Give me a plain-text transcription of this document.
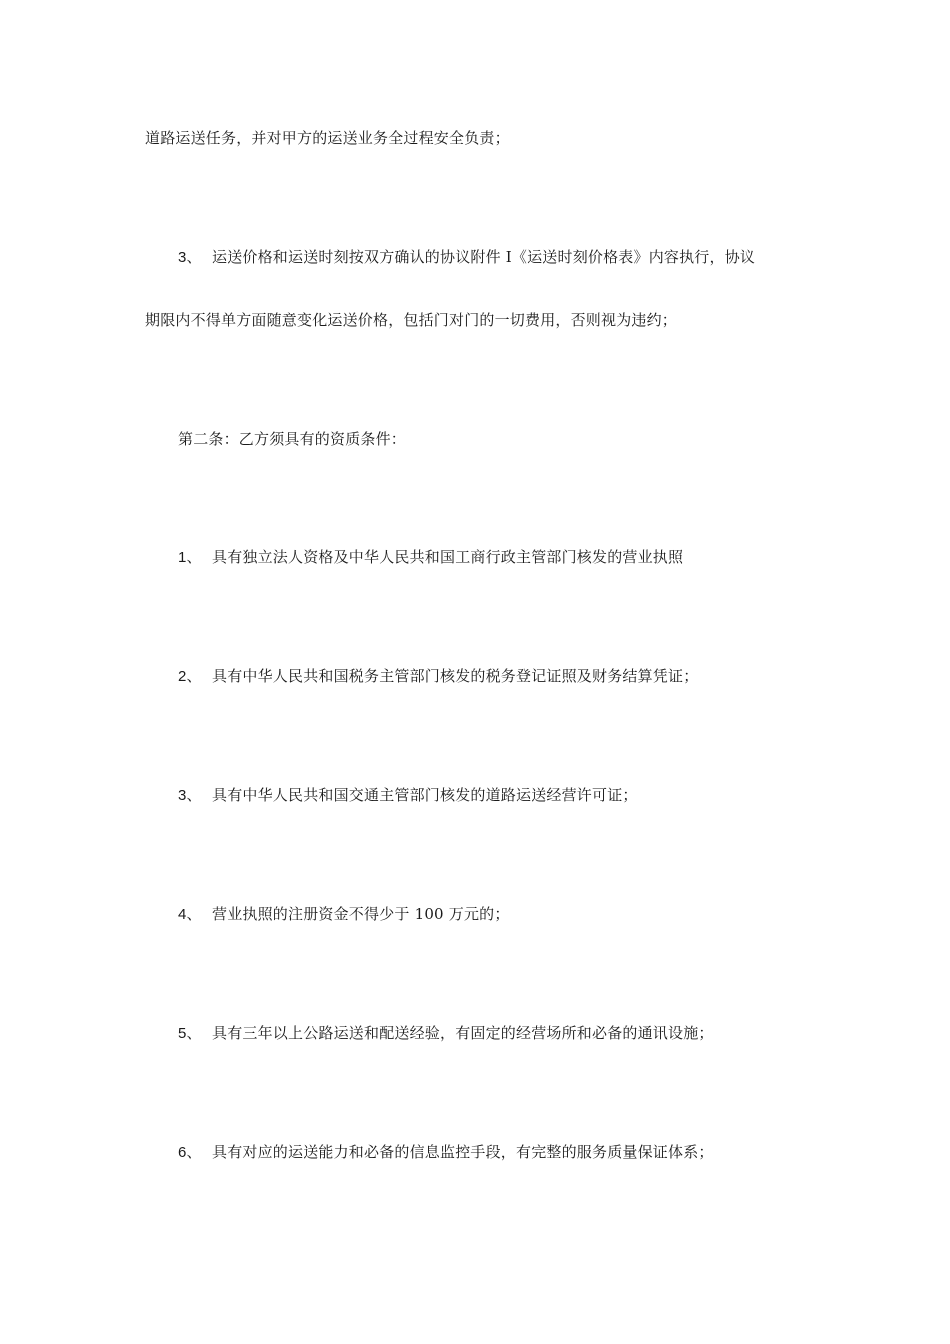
道路运送任务，并对甲方的运送业务全过程安全负责；
3、 运送价格和运送时刻按双方确认的协议附件 I《运送时刻价格表》内容执行，协议
期限内不得单方面随意变化运送价格，包括门对门的一切费用，否则视为违约；
第二条：乙方须具有的资质条件：
1、 具有独立法人资格及中华人民共和国工商行政主管部门核发的营业执照
2、 具有中华人民共和国税务主管部门核发的税务登记证照及财务结算凭证；
3、 具有中华人民共和国交通主管部门核发的道路运送经营许可证；
4、 营业执照的注册资金不得少于 100 万元的；
5、 具有三年以上公路运送和配送经验，有固定的经营场所和必备的通讯设施；
6、 具有对应的运送能力和必备的信息监控手段，有完整的服务质量保证体系；
